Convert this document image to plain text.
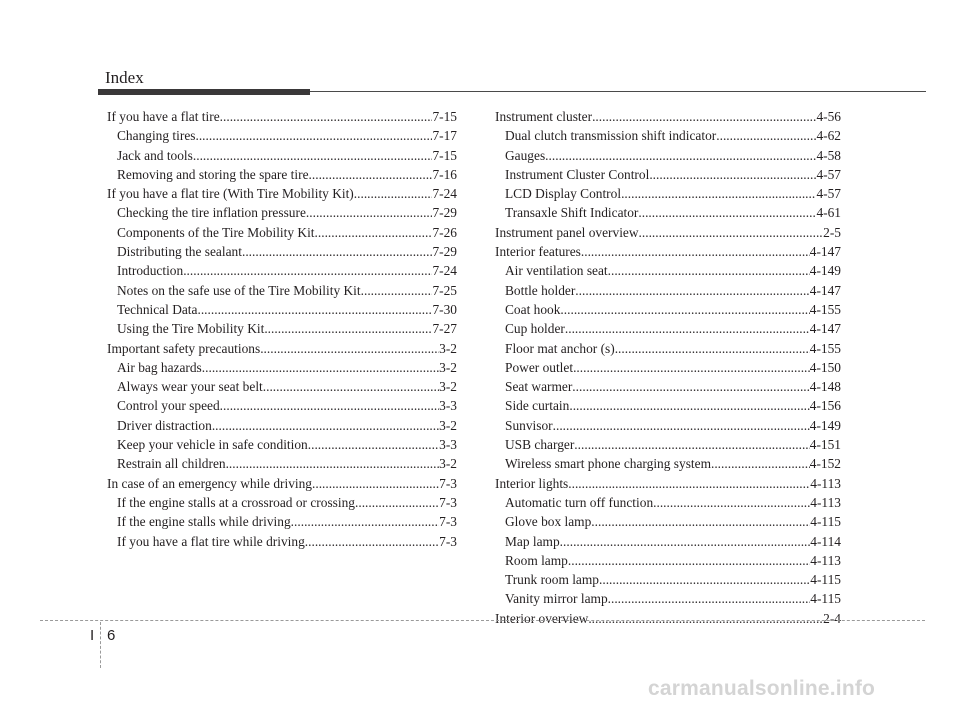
Index
If you have a flat tire .....	7-15
Changing tires .....	7-17
Jack and tools .....	7-15
Removing and storing the spare tire .....	7-16
If you have a flat tire (With Tire Mobility Kit) .....	7-24
Checking the tire inflation pressure .....	7-29
Components of the Tire Mobility Kit .....	7-26
Distributing the sealant .....	7-29
Introduction .....	7-24
Notes on the safe use of the Tire Mobility Kit .....	7-25
Technical Data .....	7-30
Using the Tire Mobility Kit .....	7-27
Important safety precautions .....	3-2
Air bag hazards .....	3-2
Always wear your seat belt .....	3-2
Control your speed .....	3-3
Driver distraction .....	3-2
Keep your vehicle in safe condition .....	3-3
Restrain all children .....	3-2
In case of an emergency while driving .....	7-3
If the engine stalls at a crossroad or crossing .....	7-3
If the engine stalls while driving .....	7-3
If you have a flat tire while driving .....	7-3
Instrument cluster .....	4-56
Dual clutch transmission shift indicator .....	4-62
Gauges .....	4-58
Instrument Cluster Control .....	4-57
LCD Display Control .....	4-57
Transaxle Shift Indicator .....	4-61
Instrument panel overview .....	2-5
Interior features .....	4-147
Air ventilation seat .....	4-149
Bottle holder .....	4-147
Coat hook .....	4-155
Cup holder .....	4-147
Floor mat anchor (s) .....	4-155
Power outlet .....	4-150
Seat warmer .....	4-148
Side curtain .....	4-156
Sunvisor .....	4-149
USB charger .....	4-151
Wireless smart phone charging system .....	4-152
Interior lights .....	4-113
Automatic turn off function .....	4-113
Glove box lamp .....	4-115
Map lamp .....	4-114
Room lamp .....	4-113
Trunk room lamp .....	4-115
Vanity mirror lamp .....	4-115
Interior overview .....	2-4
I 6
carmanualsonline.info
